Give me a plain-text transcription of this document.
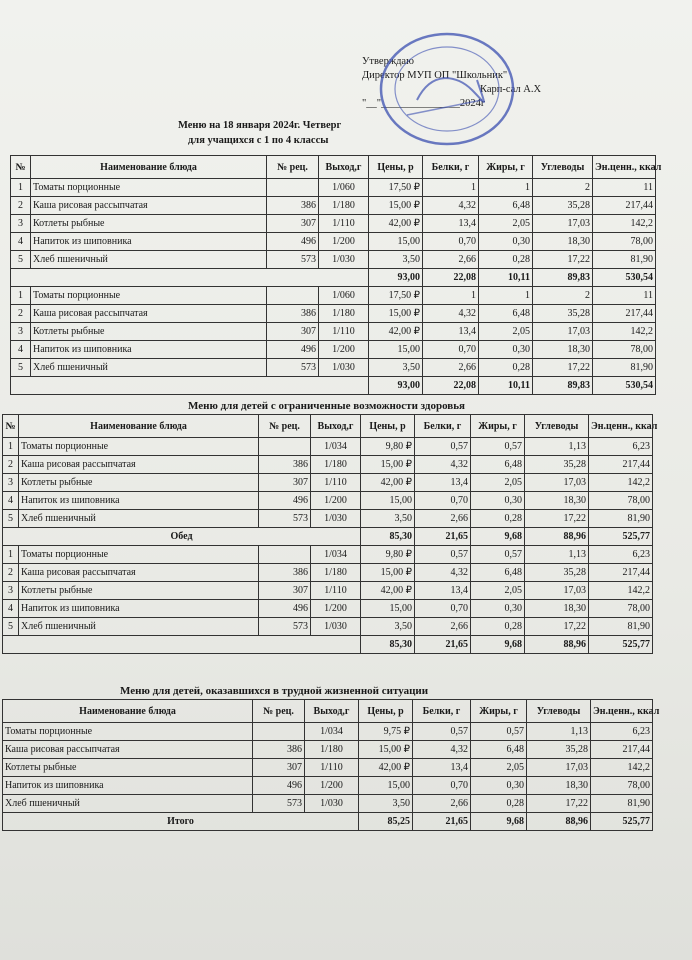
Утверждаю
Директор МУП ОП "Школьник"
Карп-сал А.Х
"__"_______________2024г
Меню на 18 января 2024г. Четверг
для учащихся с 1 по 4 классы
№	Наименование блюда	№ рец.	Выход,г	Цены, р	Белки, г	Жиры, г	Углеводы	Эн.ценн., ккал
1	Томаты порционные		1/060	17,50 ₽	1	1	2	11
2	Каша рисовая рассыпчатая	386	1/180	15,00 ₽	4,32	6,48	35,28	217,44
3	Котлеты рыбные	307	1/110	42,00 ₽	13,4	2,05	17,03	142,2
4	Напиток из шиповника	496	1/200	15,00	0,70	0,30	18,30	78,00
5	Хлеб пшеничный	573	1/030	3,50	2,66	0,28	17,22	81,90
				93,00	22,08	10,11	89,83	530,54
1	Томаты порционные		1/060	17,50 ₽	1	1	2	11
2	Каша рисовая рассыпчатая	386	1/180	15,00 ₽	4,32	6,48	35,28	217,44
3	Котлеты рыбные	307	1/110	42,00 ₽	13,4	2,05	17,03	142,2
4	Напиток из шиповника	496	1/200	15,00	0,70	0,30	18,30	78,00
5	Хлеб пшеничный	573	1/030	3,50	2,66	0,28	17,22	81,90
				93,00	22,08	10,11	89,83	530,54
Меню для детей с ограниченные возможности здоровья
№	Наименование блюда	№ рец.	Выход,г	Цены, р	Белки, г	Жиры, г	Углеводы	Эн.ценн., ккал
1	Томаты порционные		1/034	9,80 ₽	0,57	0,57	1,13	6,23
2	Каша рисовая рассыпчатая	386	1/180	15,00 ₽	4,32	6,48	35,28	217,44
3	Котлеты рыбные	307	1/110	42,00 ₽	13,4	2,05	17,03	142,2
4	Напиток из шиповника	496	1/200	15,00	0,70	0,30	18,30	78,00
5	Хлеб пшеничный	573	1/030	3,50	2,66	0,28	17,22	81,90
Обед				85,30	21,65	9,68	88,96	525,77
1	Томаты порционные		1/034	9,80 ₽	0,57	0,57	1,13	6,23
2	Каша рисовая рассыпчатая	386	1/180	15,00 ₽	4,32	6,48	35,28	217,44
3	Котлеты рыбные	307	1/110	42,00 ₽	13,4	2,05	17,03	142,2
4	Напиток из шиповника	496	1/200	15,00	0,70	0,30	18,30	78,00
5	Хлеб пшеничный	573	1/030	3,50	2,66	0,28	17,22	81,90
				85,30	21,65	9,68	88,96	525,77
Меню для детей, оказавшихся в трудной жизненной ситуации
Наименование блюда	№ рец.	Выход,г	Цены, р	Белки, г	Жиры, г	Углеводы	Эн.ценн., ккал
Томаты порционные		1/034	9,75 ₽	0,57	0,57	1,13	6,23
Каша рисовая рассыпчатая	386	1/180	15,00 ₽	4,32	6,48	35,28	217,44
Котлеты рыбные	307	1/110	42,00 ₽	13,4	2,05	17,03	142,2
Напиток из шиповника	496	1/200	15,00	0,70	0,30	18,30	78,00
Хлеб пшеничный	573	1/030	3,50	2,66	0,28	17,22	81,90
Итого			85,25	21,65	9,68	88,96	525,77
